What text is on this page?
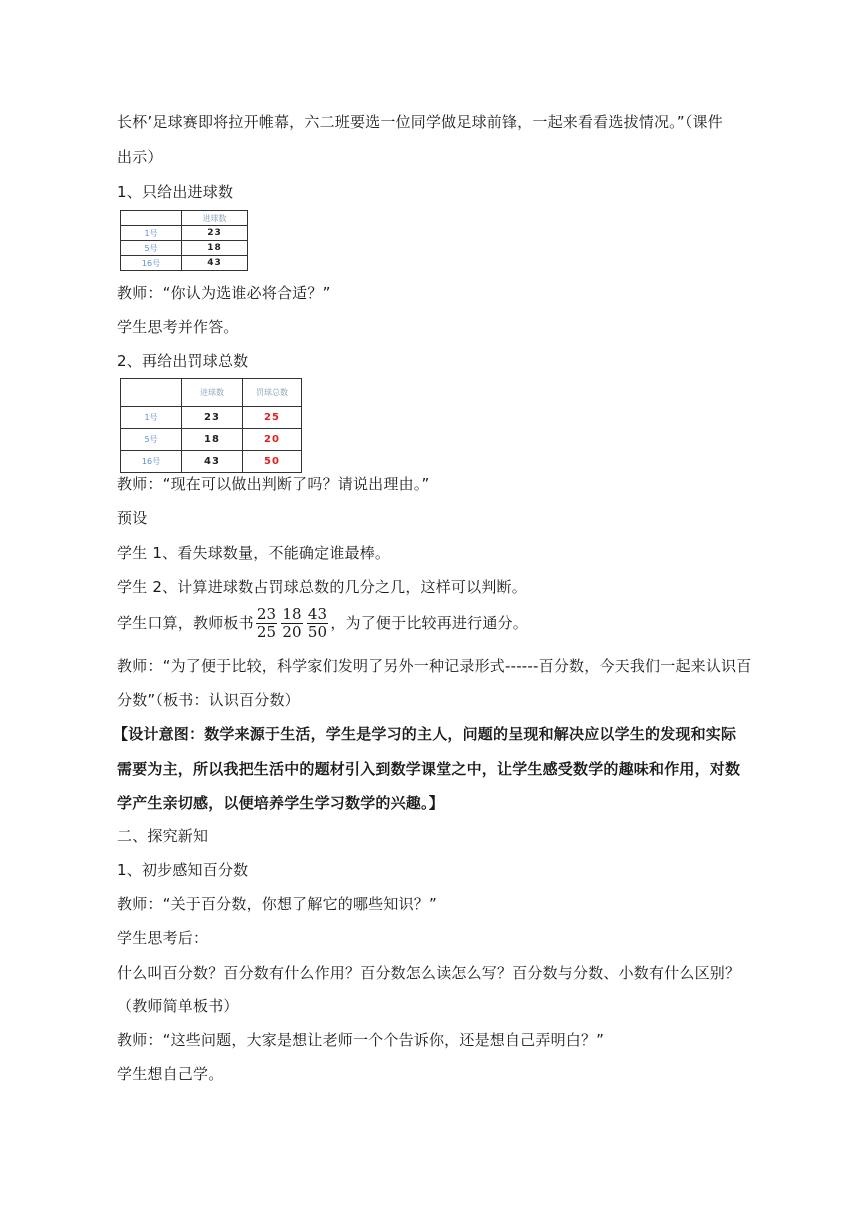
长杯’足球赛即将拉开帷幕，六二班要选一位同学做足球前锋，一起来看看选拔情况。”（课件
出示）
1、只给出进球数
	进球数
1号	23
5号	18
16号	43
教师：“你认为选谁必将合适？”
学生思考并作答。
2、再给出罚球总数
	进球数	罚球总数
1号	23	25
5号	18	20
16号	43	50
教师：“现在可以做出判断了吗？请说出理由。”
预设
学生 1、看失球数量，不能确定谁最棒。
学生 2、计算进球数占罚球总数的几分之几，这样可以判断。
学生口算，教师板书 $\frac{23}{25} \frac{18}{20} \frac{43}{50}$ ，为了便于比较再进行通分。
教师：“为了便于比较，科学家们发明了另外一种记录形式------百分数，今天我们一起来认识百
分数”（板书：认识百分数）
【设计意图：数学来源于生活，学生是学习的主人，问题的呈现和解决应以学生的发现和实际
需要为主，所以我把生活中的题材引入到数学课堂之中，让学生感受数学的趣味和作用，对数
学产生亲切感，以便培养学生学习数学的兴趣。】
二、探究新知
1、初步感知百分数
教师：“关于百分数，你想了解它的哪些知识？”
学生思考后：
什么叫百分数？百分数有什么作用？百分数怎么读怎么写？百分数与分数、小数有什么区别？
（教师简单板书）
教师：“这些问题，大家是想让老师一个个告诉你，还是想自己弄明白？”
学生想自己学。
